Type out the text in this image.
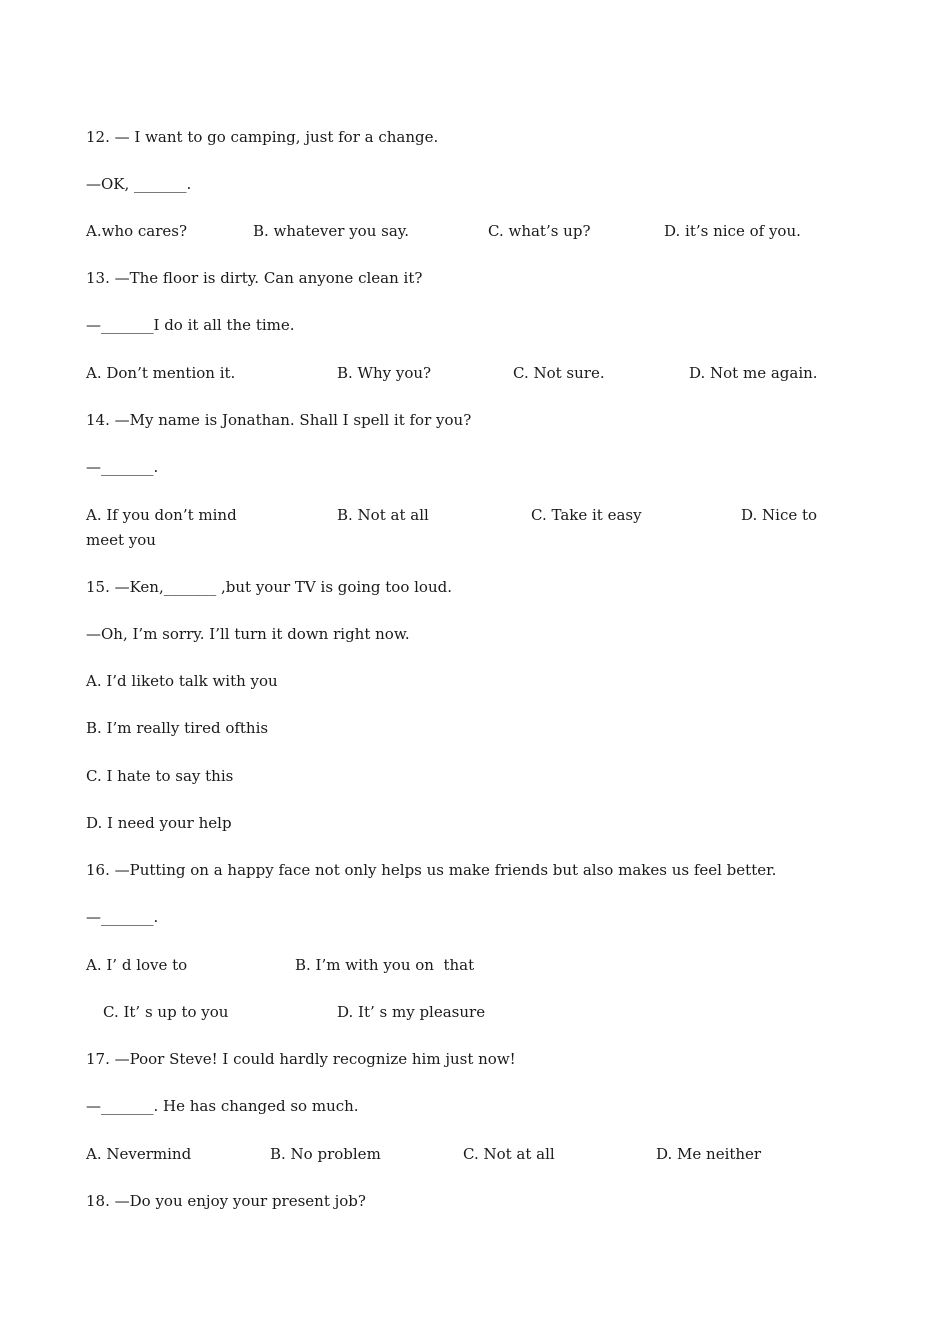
12. — I want to go camping, just for a change.
—OK, _______.
A.who cares?	B. whatever you say.	C. what’s up?	D. it’s nice of you.
13. —The floor is dirty. Can anyone clean it?
—_______I do it all the time.
A. Don’t mention it.	B. Why you?	C. Not sure.	D. Not me again.
14. —My name is Jonathan. Shall I spell it for you?
—_______.
A. If you don’t mind	B. Not at all	C. Take it easy	D. Nice to
meet you
15. —Ken,_______ ,but your TV is going too loud.
—Oh, I’m sorry. I’ll turn it down right now.
A. I’d liketo talk with you
B. I’m really tired ofthis
C. I hate to say this
D. I need your help
16. —Putting on a happy face not only helps us make friends but also makes us feel better.
—_______.
A. I’ d love to	B. I’m with you on  that
C. It’ s up to you	D. It’ s my pleasure
17. —Poor Steve! I could hardly recognize him just now!
—_______. He has changed so much.
A. Nevermind	B. No problem	C. Not at all	D. Me neither
18. —Do you enjoy your present job?
